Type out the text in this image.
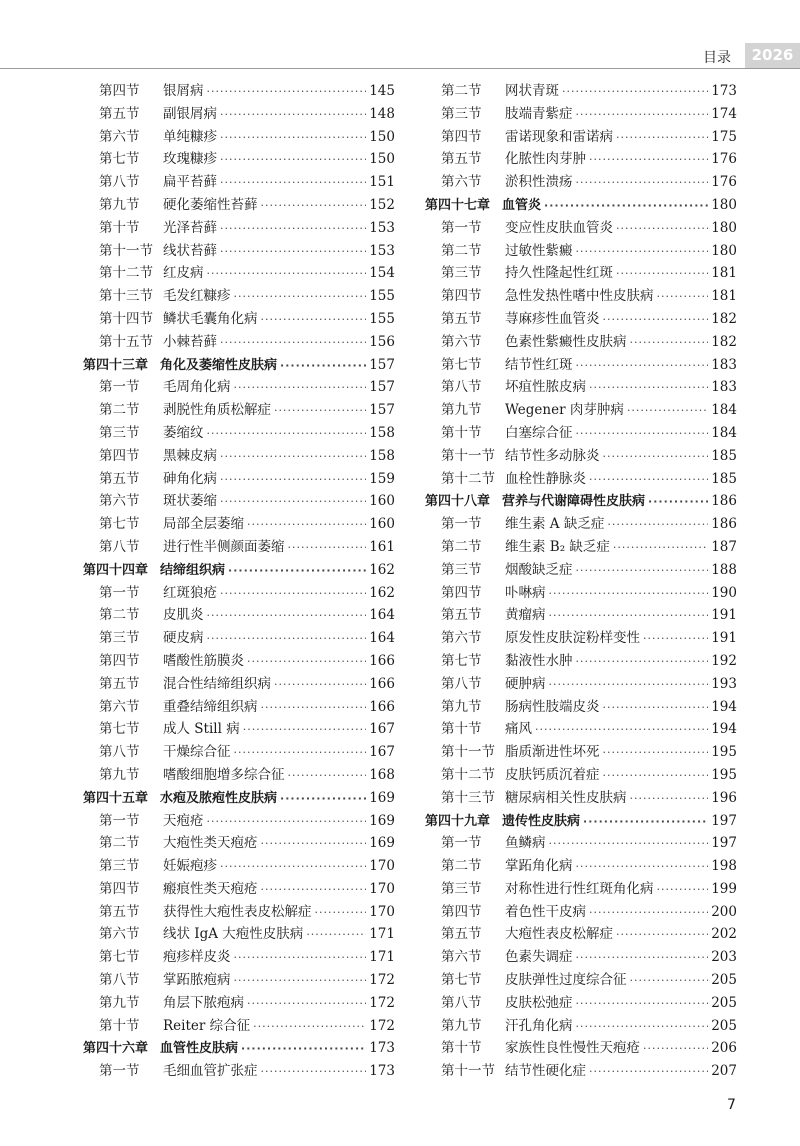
目录	2026
第四节	银屑病 ·····	145
第五节	副银屑病 ·····	148
第六节	单纯糠疹 ·····	150
第七节	玫瑰糠疹 ·····	150
第八节	扁平苔藓 ·····	151
第九节	硬化萎缩性苔藓 ·····	152
第十节	光泽苔藓 ·····	153
第十一节 线状苔藓 ·····	153
第十二节 红皮病 ·····	154
第十三节 毛发红糠疹 ·····	155
第十四节 鳞状毛囊角化病 ·····	155
第十五节 小棘苔藓 ·····	156
第四十三章 角化及萎缩性皮肤病 ·····	157
第一节	毛周角化病 ·····	157
第二节	剥脱性角质松解症 ·····	157
第三节	萎缩纹 ·····	158
第四节	黑棘皮病 ·····	158
第五节	砷角化病 ·····	159
第六节	斑状萎缩 ·····	160
第七节	局部全层萎缩 ·····	160
第八节	进行性半侧颜面萎缩 ·····	161
第四十四章 结缔组织病 ·····	162
第一节	红斑狼疮 ·····	162
第二节	皮肌炎 ·····	164
第三节	硬皮病 ·····	164
第四节	嗜酸性筋膜炎 ·····	166
第五节	混合性结缔组织病 ·····	166
第六节	重叠结缔组织病 ·····	166
第七节	成人 Still 病 ·····	167
第八节	干燥综合征 ·····	167
第九节	嗜酸细胞增多综合征 ·····	168
第四十五章 水疱及脓疱性皮肤病 ·····	169
第一节	天疱疮 ·····	169
第二节	大疱性类天疱疮 ·····	169
第三节	妊娠疱疹 ·····	170
第四节	瘢痕性类天疱疮 ·····	170
第五节	获得性大疱性表皮松解症 ·····	170
第六节	线状 IgA 大疱性皮肤病 ·····	171
第七节	疱疹样皮炎 ·····	171
第八节	掌跖脓疱病 ·····	172
第九节	角层下脓疱病 ·····	172
第十节	Reiter 综合征 ·····	172
第四十六章 血管性皮肤病 ·····	173
第一节	毛细血管扩张症 ·····	173
第二节	网状青斑 ·····	173
第三节	肢端青紫症 ·····	174
第四节	雷诺现象和雷诺病 ·····	175
第五节	化脓性肉芽肿 ·····	176
第六节	淤积性溃疡 ·····	176
第四十七章 血管炎 ·····	180
第一节	变应性皮肤血管炎 ·····	180
第二节	过敏性紫癜 ·····	180
第三节	持久性隆起性红斑 ·····	181
第四节	急性发热性嗜中性皮肤病 ·····	181
第五节	荨麻疹性血管炎 ·····	182
第六节	色素性紫癜性皮肤病 ·····	182
第七节	结节性红斑 ·····	183
第八节	坏疽性脓皮病 ·····	183
第九节	Wegener 肉芽肿病 ·····	184
第十节	白塞综合征 ·····	184
第十一节 结节性多动脉炎 ·····	185
第十二节 血栓性静脉炎 ·····	185
第四十八章 营养与代谢障碍性皮肤病 ·····	186
第一节	维生素 A 缺乏症 ·····	186
第二节	维生素 B₂ 缺乏症 ·····	187
第三节	烟酸缺乏症 ·····	188
第四节	卟啉病 ·····	190
第五节	黄瘤病 ·····	191
第六节	原发性皮肤淀粉样变性 ·····	191
第七节	黏液性水肿 ·····	192
第八节	硬肿病 ·····	193
第九节	肠病性肢端皮炎 ·····	194
第十节	痛风 ·····	194
第十一节 脂质渐进性坏死 ·····	195
第十二节 皮肤钙质沉着症 ·····	195
第十三节 糖尿病相关性皮肤病 ·····	196
第四十九章 遗传性皮肤病 ·····	197
第一节	鱼鳞病 ·····	197
第二节	掌跖角化病 ·····	198
第三节	对称性进行性红斑角化病 ·····	199
第四节	着色性干皮病 ·····	200
第五节	大疱性表皮松解症 ·····	202
第六节	色素失调症 ·····	203
第七节	皮肤弹性过度综合征 ·····	205
第八节	皮肤松弛症 ·····	205
第九节	汗孔角化病 ·····	205
第十节	家族性良性慢性天疱疮 ·····	206
第十一节 结节性硬化症 ·····	207
7
